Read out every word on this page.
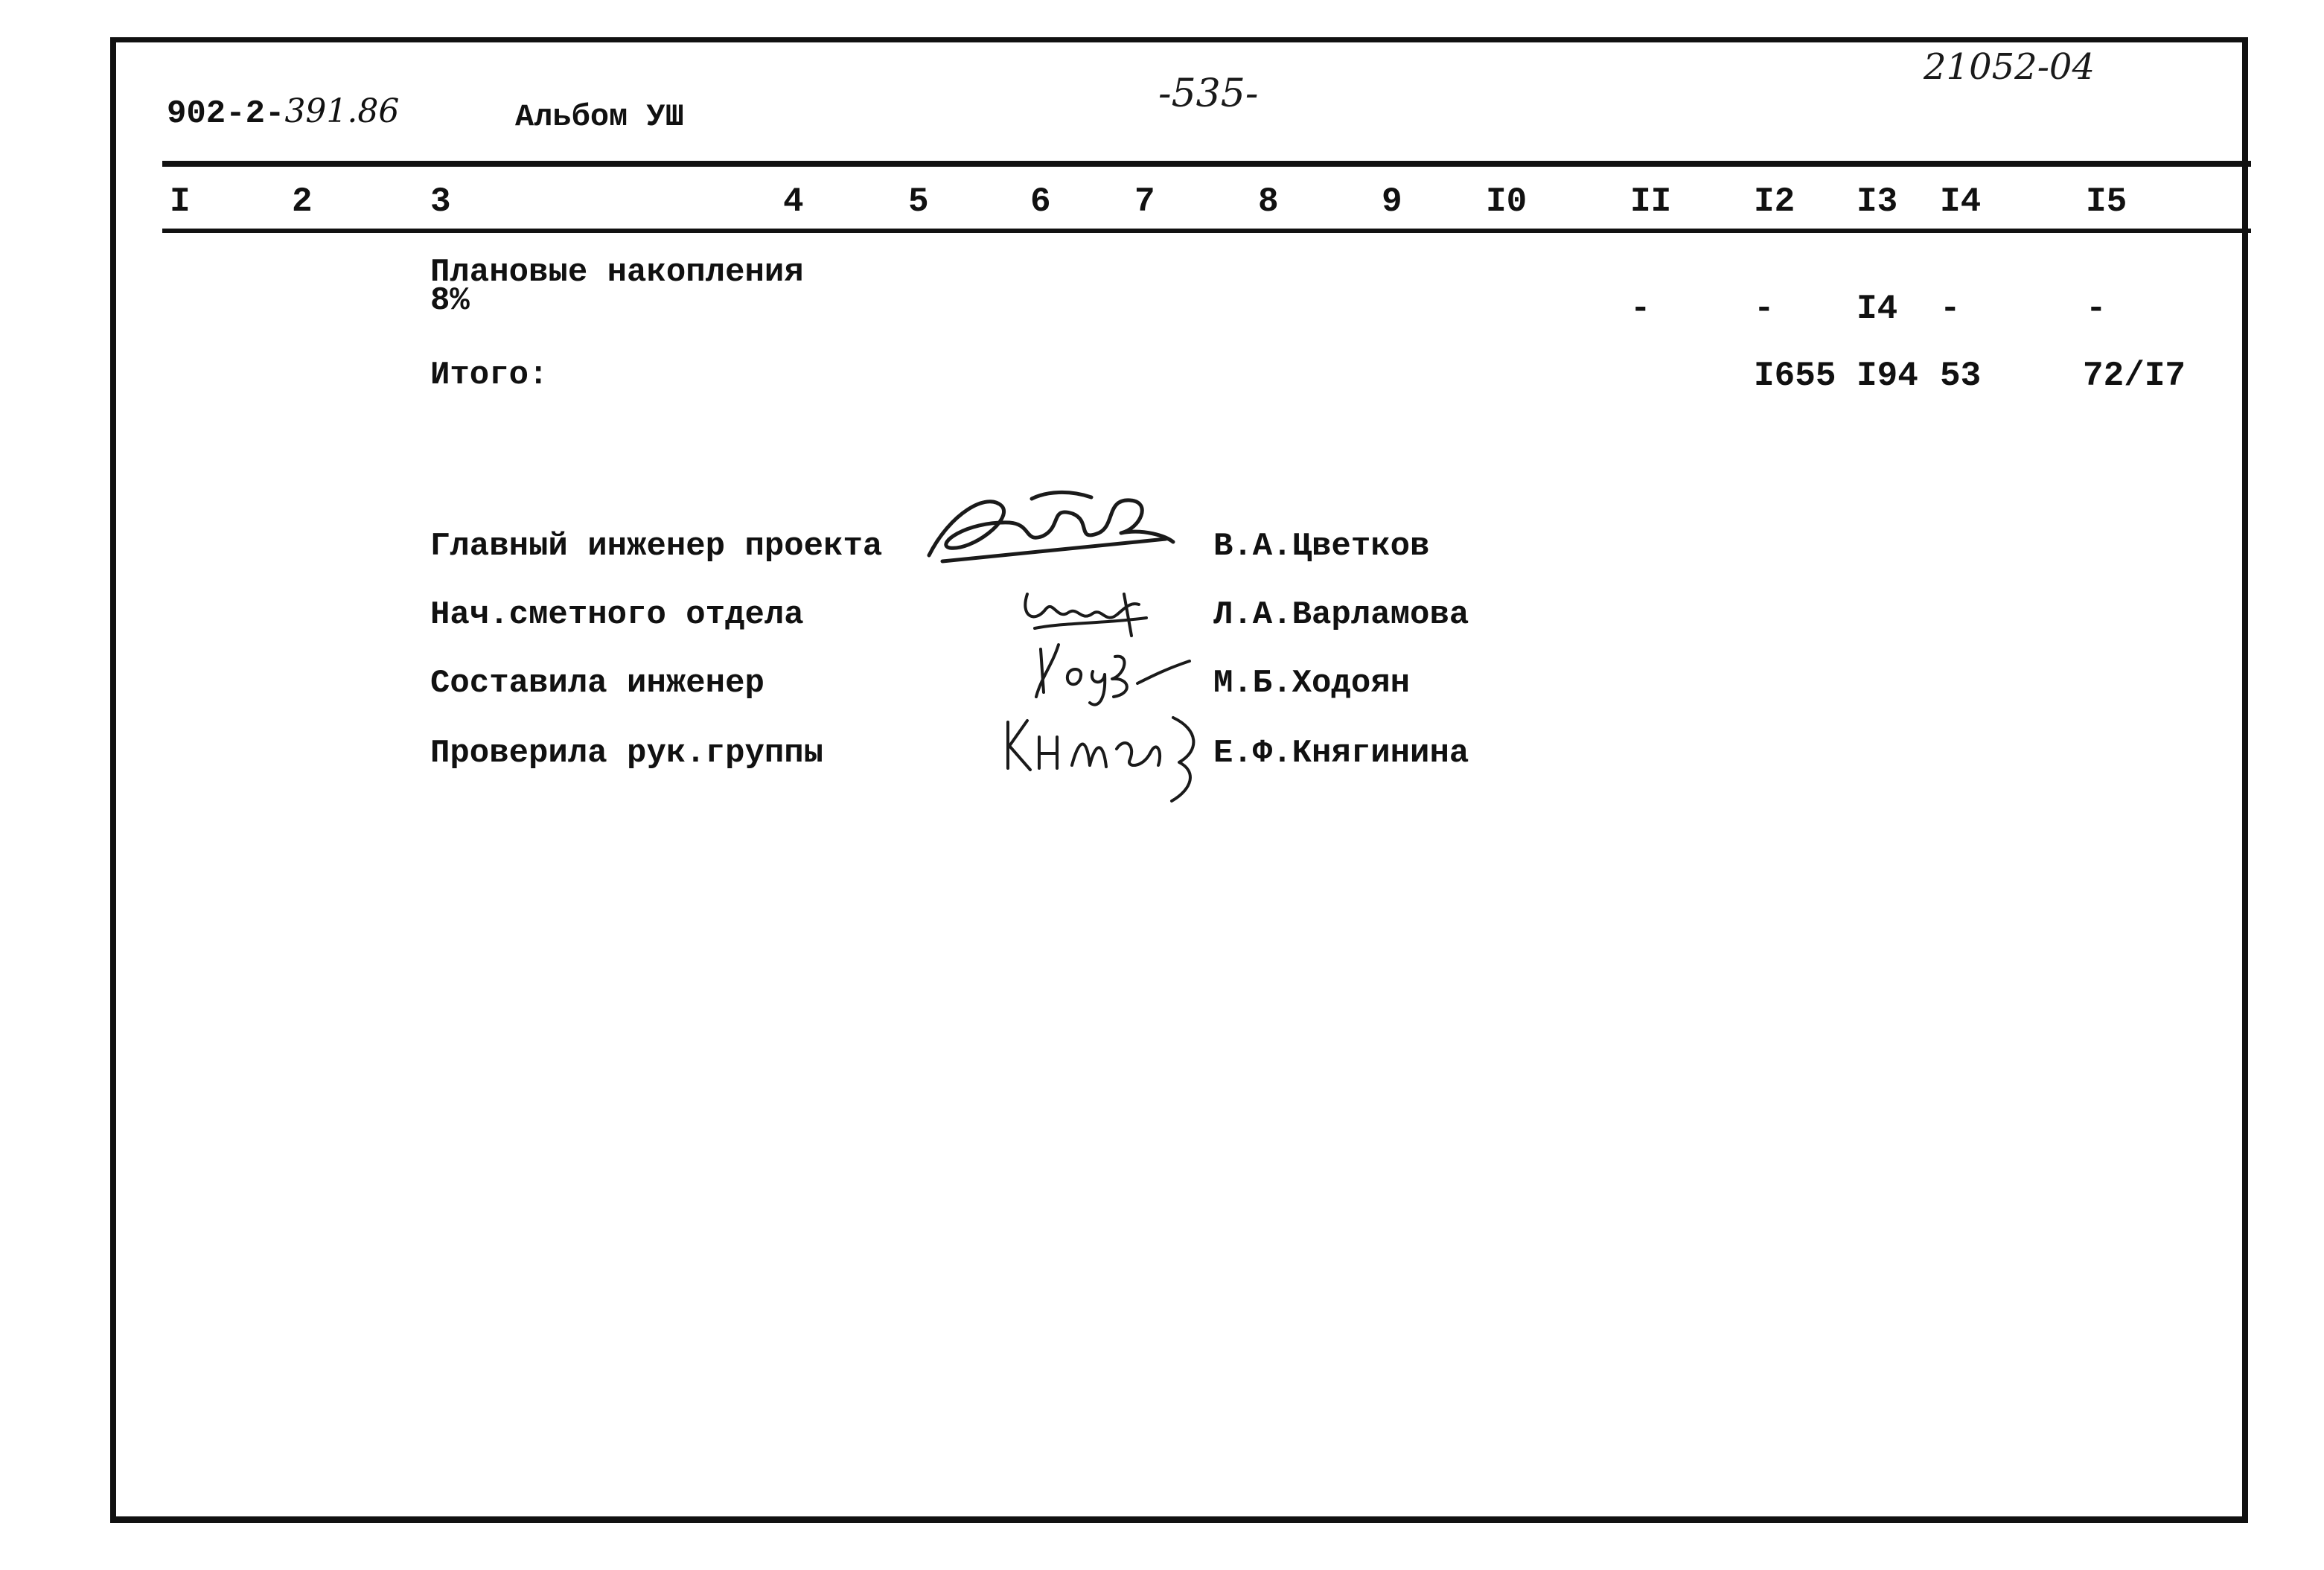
902-2-391.86	Альбом УШ
-535-
21052-04
I	2	3	4	5	6 7	8	9 I0	II I2 I3 I4	I5
Плановые накопления
8%	-	- I4 -	-
Итого:	I655 I94 53	72/I7
Главный инженер проекта	В.А.Цветков
Нач.сметного отдела	Л.А.Варламова
Составила инженер	М.Б.Ходоян
Проверила рук.группы	Е.Ф.Княгинина
